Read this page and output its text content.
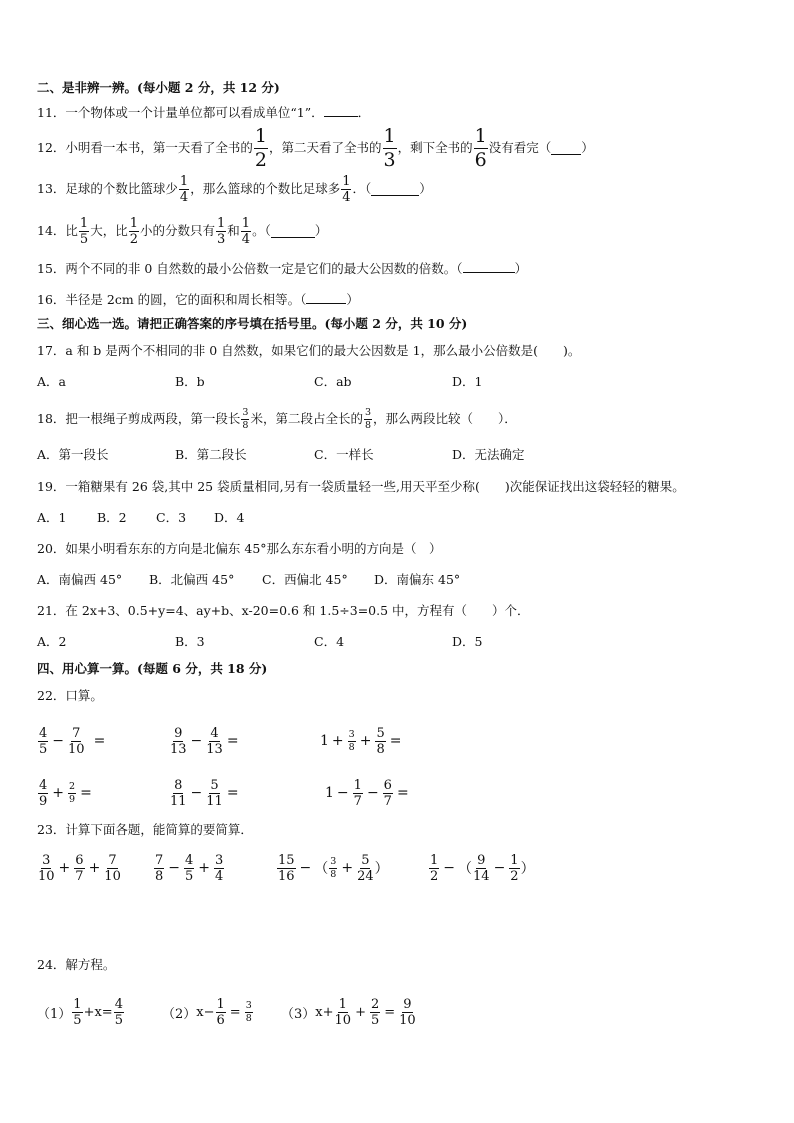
二、是非辨一辨。(每小题 2 分，共 12 分)
11．一个物体或一个计量单位都可以看成单位“1”．	．
12．小明看一本书，第一天看了全书的 $\frac{1}{2}$ ，第二天看了全书的 $\frac{1}{3}$ ，剩下全书的 $\frac{1}{6}$ 没有看完（ ）
13．足球的个数比篮球少 $\frac{1}{4}$ ，那么篮球的个数比足球多 $\frac{1}{4}$ ．（	）
14．比 $\frac{1}{5}$ 大，比 $\frac{1}{2}$ 小的分数只有 $\frac{1}{3}$ 和 $\frac{1}{4}$ 。（	）
15．两个不同的非 0 自然数的最小公倍数一定是它们的最大公因数的倍数。（	）
16．半径是 2cm 的圆，它的面积和周长相等。（	）
三、细心选一选。请把正确答案的序号填在括号里。(每小题 2 分，共 10 分)
17．a 和 b 是两个不相同的非 0 自然数，如果它们的最大公因数是 1，那么最小公倍数是(　　)。
A．a	B．b	C．ab	D．1
18．把一根绳子剪成两段，第一段长 $\frac{3}{8}$ 米，第二段占全长的 $\frac{3}{8}$ ，那么两段比较（　　）．
A．第一段长	B．第二段长	C．一样长	D．无法确定
19．一箱糖果有 26 袋,其中 25 袋质量相同,另有一袋质量轻一些,用天平至少称(　　)次能保证找出这袋轻轻的糖果。
A．1 B．2 C．3 D．4
20．如果小明看东东的方向是北偏东 45°那么东东看小明的方向是（　）
A．南偏西 45° B．北偏西 45° C．西偏北 45° D．南偏东 45°
21．在 2x+3、0.5+y=4、ay+b、x-20=0.6 和 1.5÷3=0.5 中，方程有（　　）个．
A．2	B．3	C．4	D．5
四、用心算一算。(每题 6 分，共 18 分)
22．口算。
$\frac{4}{5} - \frac{7}{10}$ =	$\frac{9}{13} - \frac{4}{13}$ =	$1 + \frac{3}{8} + \frac{5}{8}$ =
$\frac{4}{9} + \frac{2}{9}$ =	$\frac{8}{11} - \frac{5}{11}$ =	$1 - \frac{1}{7} - \frac{6}{7}$ =
23．计算下面各题，能简算的要简算．
$\frac{3}{10} + \frac{6}{7} + \frac{7}{10}$	$\frac{7}{8} - \frac{4}{5} + \frac{3}{4}$	$\frac{15}{16}$ − （ $\frac{3}{8} + \frac{5}{24}$ ）	$\frac{1}{2}$ − （ $\frac{9}{14} - \frac{1}{2}$ ）
24．解方程。
$(1) \frac{1}{5} +x= \frac{4}{5}$	（2） $x- \frac{1}{6} = \frac{3}{8} (3)$ $x+ \frac{1}{10} + \frac{2}{5} = \frac{9}{10}$
